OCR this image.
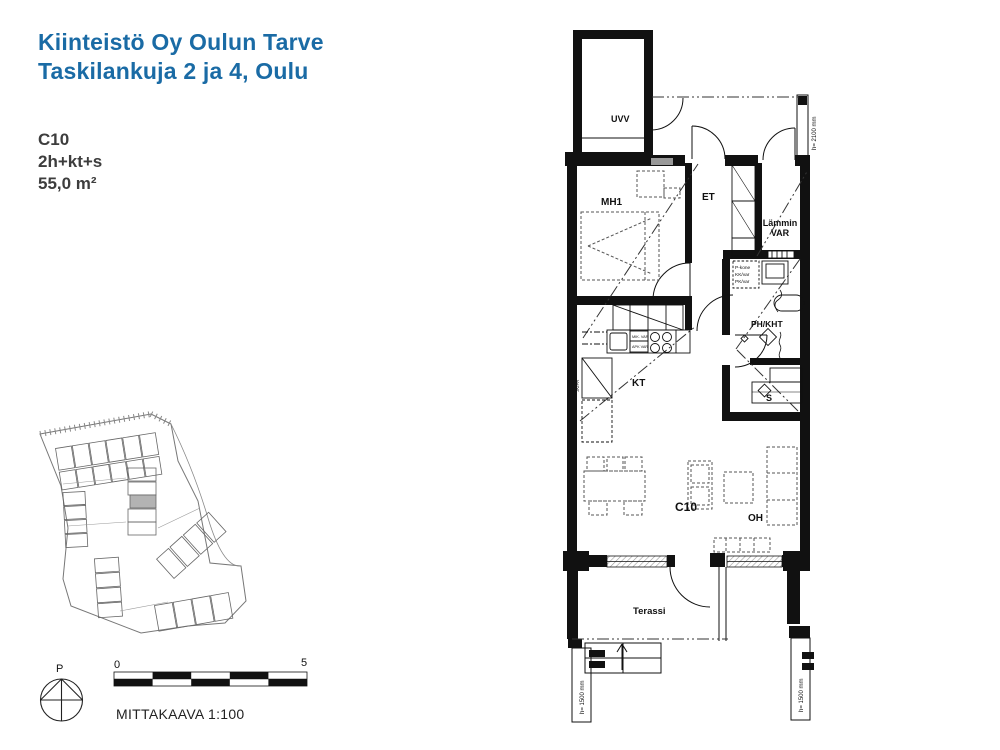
Kiinteistö Oy Oulun Tarve
Taskilankuja 2 ja 4, Oulu
C10
2h+kt+s
55,0 m²
P	0	5
MITTAKAAVA 1:100
UVV
MH1	ET
Lämmin
VAR
PH/KHT
KT
C10
OH
S
Terassi
MIK. VAR
APK VAR
JK/PA
P-kone
KK/var
PK/var
h= 2100 mm
h= 1500 mm	h= 1500 mm
